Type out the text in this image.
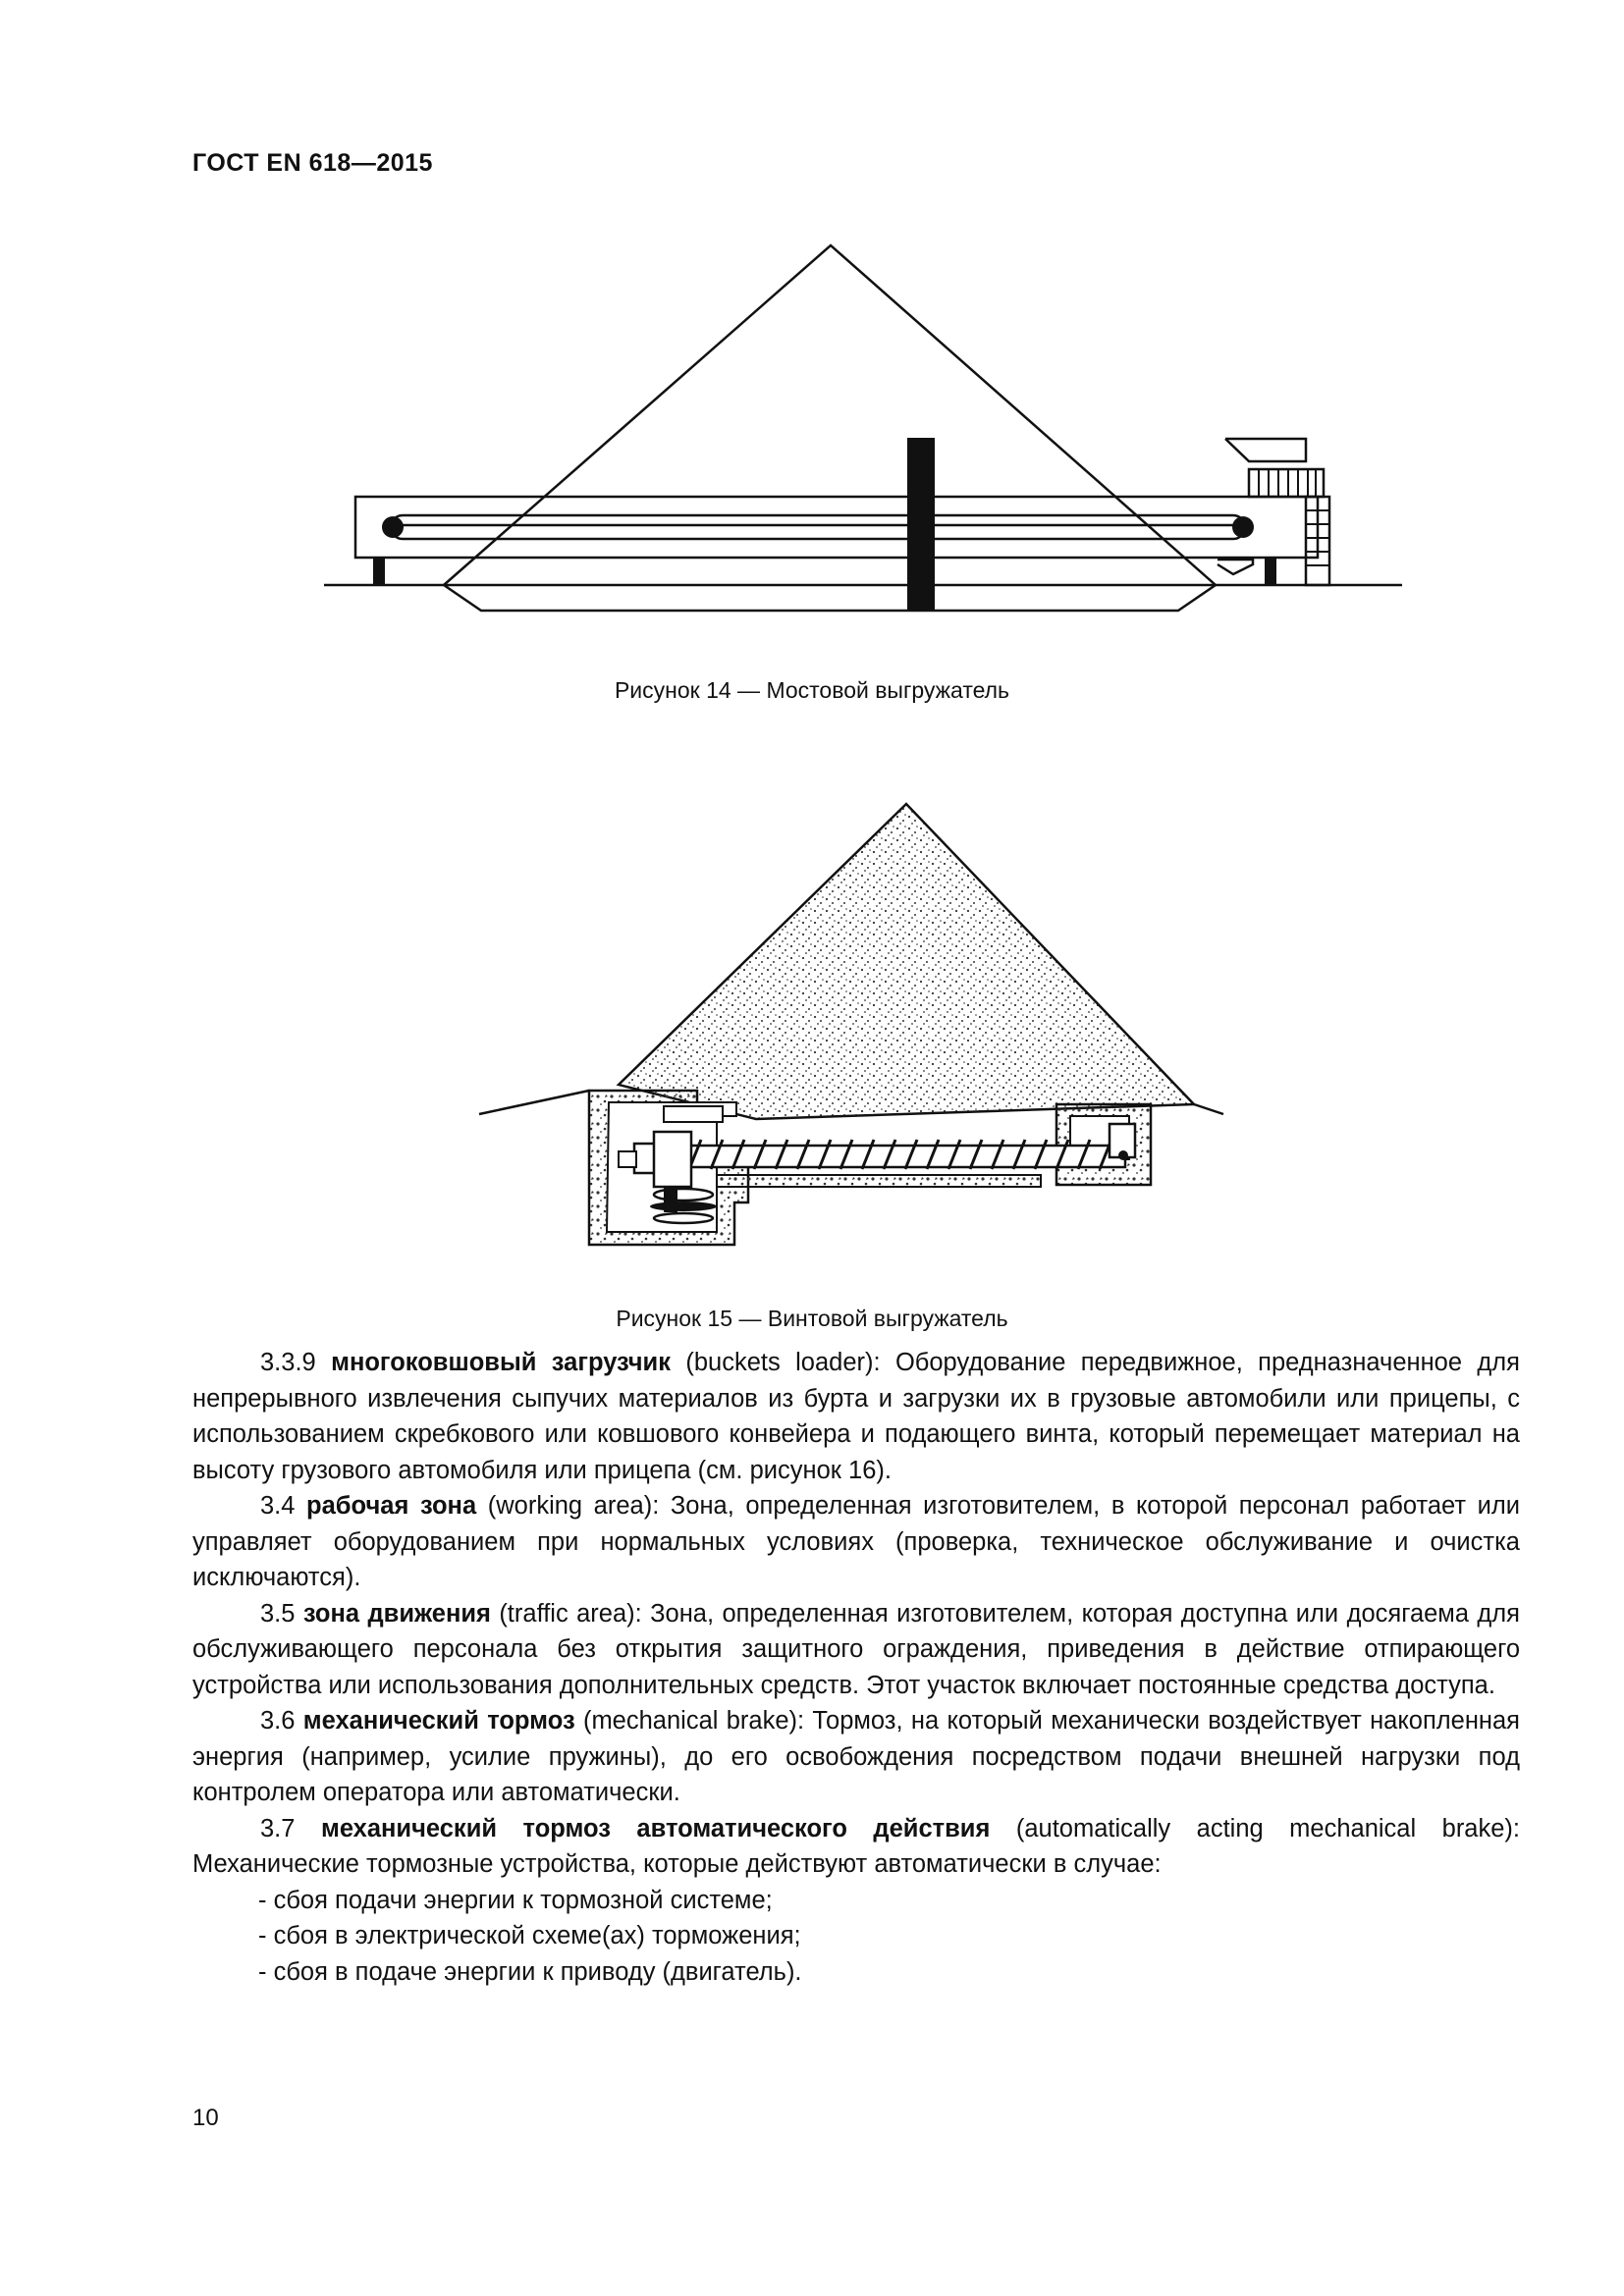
ГОСТ EN 618—2015
Рисунок 14 — Мостовой выгружатель
Рисунок 15 — Винтовой выгружатель

3.3.9 многоковшовый загрузчик (buckets loader): Оборудование передвижное, предназначенное для непрерывного извлечения сыпучих материалов из бурта и загрузки их в грузовые автомобили или прицепы, с использованием скребкового или ковшового конвейера и подающего винта, который перемещает материал на высоту грузового автомобиля или прицепа (см. рисунок 16).

3.4 рабочая зона (working area): Зона, определенная изготовителем, в которой персонал работает или управляет оборудованием при нормальных условиях (проверка, техническое обслуживание и очистка исключаются).

3.5 зона движения (traffic area): Зона, определенная изготовителем, которая доступна или досягаема для обслуживающего персонала без открытия защитного ограждения, приведения в действие отпирающего устройства или использования дополнительных средств. Этот участок включает постоянные средства доступа.

3.6 механический тормоз (mechanical brake): Тормоз, на который механически воздействует накопленная энергия (например, усилие пружины), до его освобождения посредством подачи внешней нагрузки под контролем оператора или автоматически.

3.7 механический тормоз автоматического действия (automatically acting mechanical brake): Механические тормозные устройства, которые действуют автоматически в случае:

- сбоя подачи энергии к тормозной системе;

- сбоя в электрической схеме(ах) торможения;

- сбоя в подаче энергии к приводу (двигатель).

10
